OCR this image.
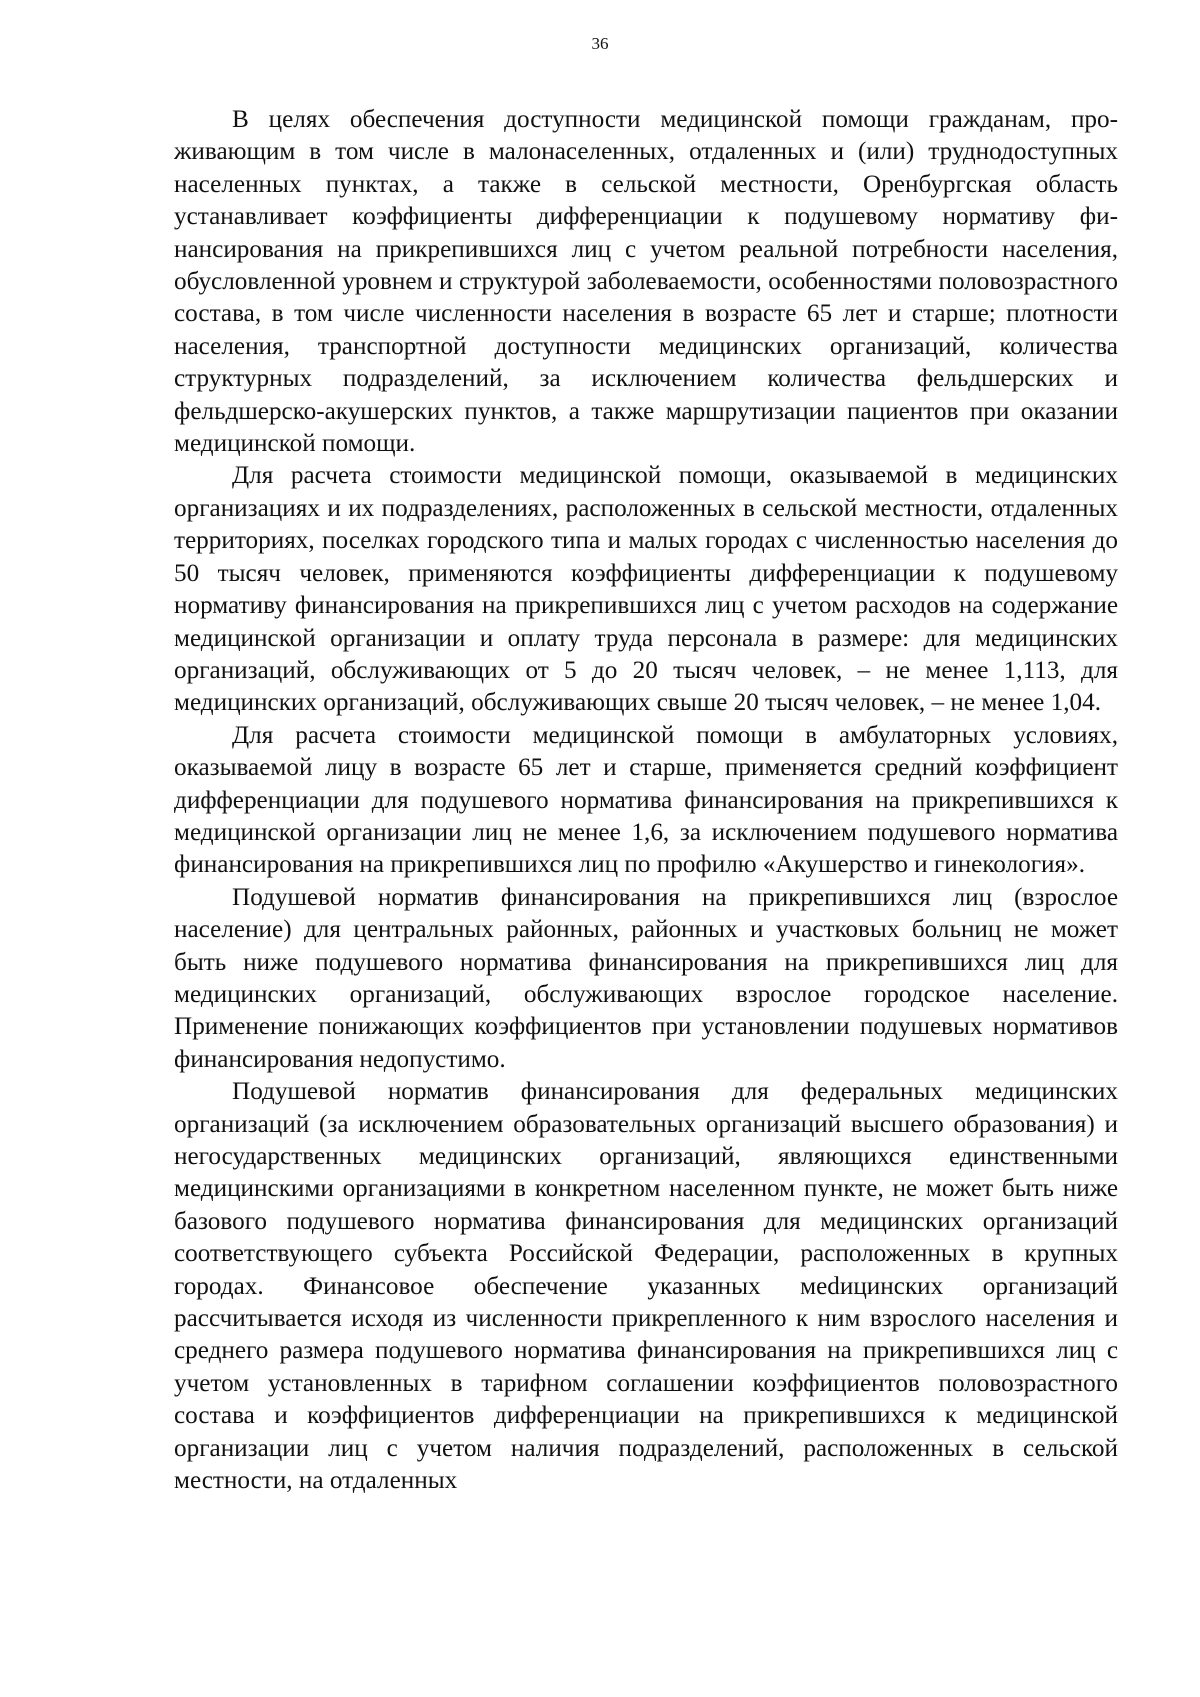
36

В целях обеспечения доступности медицинской помощи гражданам, проживающим в том числе в малонаселенных, отдаленных и (или) труднодоступных населенных пунктах, а также в сельской местности, Оренбургская область устанавливает коэффициенты дифференциации к подушевому нормативу финансирования на прикрепившихся лиц с учетом реальной потребности населения, обусловленной уровнем и структурой заболеваемости, особенностями половозрастного состава, в том числе численности населения в возрасте 65 лет и старше; плотности населения, транспортной доступности медицинских организаций, количества структурных подразделений, за исключением количества фельдшерских и фельдшерско-акушерских пунктов, а также маршрутизации пациентов при оказании медицинской помощи.

Для расчета стоимости медицинской помощи, оказываемой в медицинских организациях и их подразделениях, расположенных в сельской местности, отдаленных территориях, поселках городского типа и малых городах с численностью населения до 50 тысяч человек, применяются коэффициенты дифференциации к подушевому нормативу финансирования на прикрепившихся лиц с учетом расходов на содержание медицинской организации и оплату труда персонала в размере: для медицинских организаций, обслуживающих от 5 до 20 тысяч человек, – не менее 1,113, для медицинских организаций, обслуживающих свыше 20 тысяч человек, – не менее 1,04.

Для расчета стоимости медицинской помощи в амбулаторных условиях, оказываемой лицу в возрасте 65 лет и старше, применяется средний коэффициент дифференциации для подушевого норматива финансирования на прикрепившихся к медицинской организации лиц не менее 1,6, за исключением подушевого норматива финансирования на прикрепившихся лиц по профилю «Акушерство и гинекология».

Подушевой норматив финансирования на прикрепившихся лиц (взрослое население) для центральных районных, районных и участковых больниц не может быть ниже подушевого норматива финансирования на прикрепившихся лиц для медицинских организаций, обслуживающих взрослое городское население. Применение понижающих коэффициентов при установлении подушевых нормативов финансирования недопустимо.

Подушевой норматив финансирования для федеральных медицинских организаций (за исключением образовательных организаций высшего образования) и негосударственных медицинских организаций, являющихся единственными медицинскими организациями в конкретном населенном пункте, не может быть ниже базового подушевого норматива финансирования для медицинских организаций соответствующего субъекта Российской Федерации, расположенных в крупных городах. Финансовое обеспечение указанных меdицинских организаций рассчитывается исходя из численности прикрепленного к ним взрослого населения и среднего размера подушевого норматива финансирования на прикрепившихся лиц с учетом установленных в тарифном соглашении коэффициентов половозрастного состава и коэффициентов дифференциации на прикрепившихся к медицинской организации лиц с учетом наличия подразделений, расположенных в сельской местности, на отдаленных
